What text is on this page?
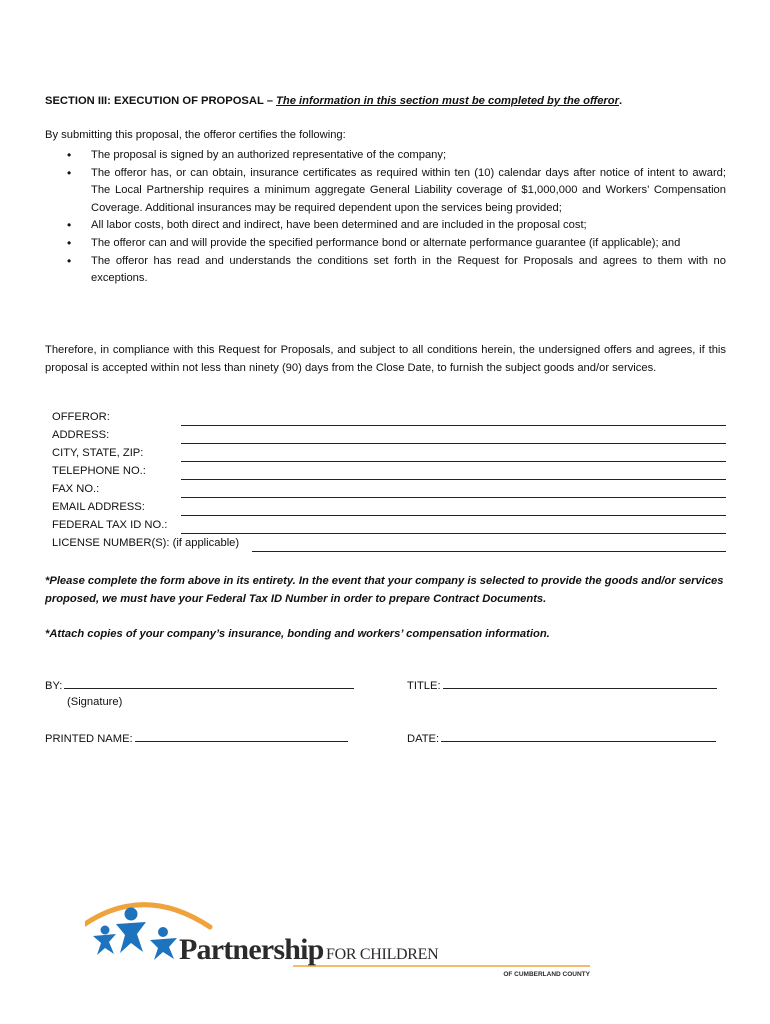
SECTION III: EXECUTION OF PROPOSAL – The information in this section must be completed by the offeror.
By submitting this proposal, the offeror certifies the following:
• The proposal is signed by an authorized representative of the company;
• The offeror has, or can obtain, insurance certificates as required within ten (10) calendar days after notice of intent to award; The Local Partnership requires a minimum aggregate General Liability coverage of $1,000,000 and Workers’ Compensation Coverage. Additional insurances may be required dependent upon the services being provided;
• All labor costs, both direct and indirect, have been determined and are included in the proposal cost;
• The offeror can and will provide the specified performance bond or alternate performance guarantee (if applicable); and
• The offeror has read and understands the conditions set forth in the Request for Proposals and agrees to them with no exceptions.
Therefore, in compliance with this Request for Proposals, and subject to all conditions herein, the undersigned offers and agrees, if this proposal is accepted within not less than ninety (90) days from the Close Date, to furnish the subject goods and/or services.
OFFEROR:
ADDRESS:
CITY, STATE, ZIP:
TELEPHONE NO.:
FAX NO.:
EMAIL ADDRESS:
FEDERAL TAX ID NO.:
LICENSE NUMBER(S): (if applicable)
*Please complete the form above in its entirety. In the event that your company is selected to provide the goods and/or services proposed, we must have your Federal Tax ID Number in order to prepare Contract Documents.
*Attach copies of your company’s insurance, bonding and workers’ compensation information.
BY:
(Signature)
TITLE:
PRINTED NAME:	DATE:
Partnership FOR CHILDREN
OF CUMBERLAND COUNTY
